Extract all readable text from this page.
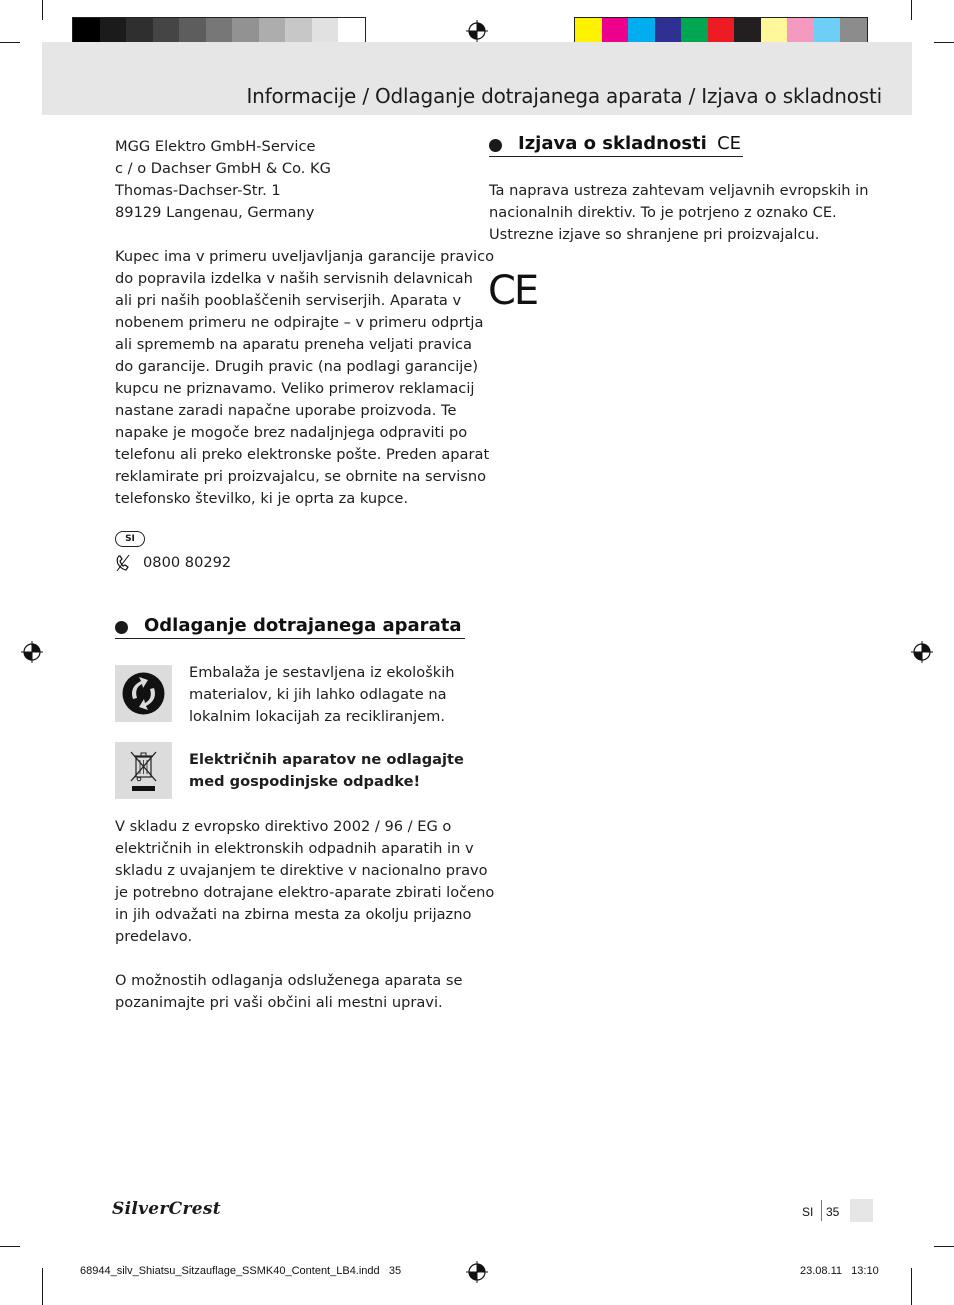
Informacije / Odlaganje dotrajanega aparata / Izjava o skladnosti
MGG Elektro GmbH-Service
c / o Dachser GmbH & Co. KG
Thomas-Dachser-Str. 1
89129 Langenau, Germany
Kupec ima v primeru uveljavljanja garancije pravico
do popravila izdelka v naših servisnih delavnicah
ali pri naših pooblaščenih serviserjih. Aparata v
nobenem primeru ne odpirajte – v primeru odprtja
ali sprememb na aparatu preneha veljati pravica
do garancije. Drugih pravic (na podlagi garancije)
kupcu ne priznavamo. Veliko primerov reklamacij
nastane zaradi napačne uporabe proizvoda. Te
napake je mogoče brez nadaljnjega odpraviti po
telefonu ali preko elektronske pošte. Preden aparat
reklamirate pri proizvajalcu, se obrnite na servisno
telefonsko številko, ki je oprta za kupce.
SI
0800 80292
Odlaganje dotrajanega aparata
Embalaža je sestavljena iz ekoloških
materialov, ki jih lahko odlagate na
lokalnim lokacijah za recikliranjem.
Električnih aparatov ne odlagajte
med gospodinjske odpadke!
V skladu z evropsko direktivo 2002 / 96 / EG o
električnih in elektronskih odpadnih aparatih in v
skladu z uvajanjem te direktive v nacionalno pravo
je potrebno dotrajane elektro-aparate zbirati ločeno
in jih odvažati na zbirna mesta za okolju prijazno
predelavo.
O možnostih odlaganja odsluženega aparata se
pozanimajte pri vaši občini ali mestni upravi.
Izjava o skladnosti CE
Ta naprava ustreza zahtevam veljavnih evropskih in
nacionalnih direktiv. To je potrjeno z oznako CE.
Ustrezne izjave so shranjene pri proizvajalcu.
CE
SilverCrest	SI 35
68944_silv_Shiatsu_Sitzauflage_SSMK40_Content_LB4.indd   35	23.08.11   13:10
